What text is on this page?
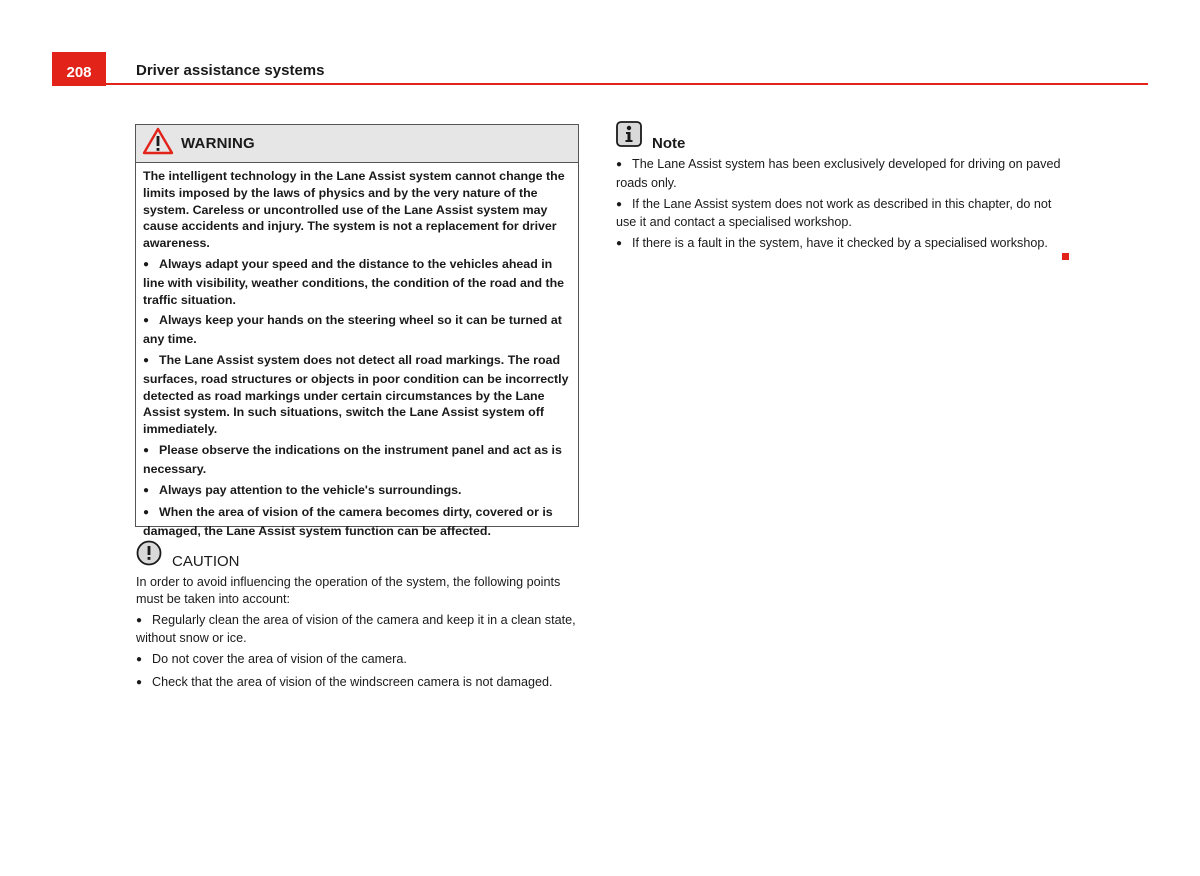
208	Driver assistance systems
WARNING

The intelligent technology in the Lane Assist system cannot change the limits imposed by the laws of physics and by the very nature of the system. Careless or uncontrolled use of the Lane Assist system may cause accidents and injury. The system is not a replacement for driver awareness.

● Always adapt your speed and the distance to the vehicles ahead in line with visibility, weather conditions, the condition of the road and the traffic situation.

● Always keep your hands on the steering wheel so it can be turned at any time.

● The Lane Assist system does not detect all road markings. The road surfaces, road structures or objects in poor condition can be incorrectly detected as road markings under certain circumstances by the Lane Assist system. In such situations, switch the Lane Assist system off immediately.

● Please observe the indications on the instrument panel and act as is necessary.

● Always pay attention to the vehicle's surroundings.

● When the area of vision of the camera becomes dirty, covered or is damaged, the Lane Assist system function can be affected.

CAUTION

In order to avoid influencing the operation of the system, the following points must be taken into account:

● Regularly clean the area of vision of the camera and keep it in a clean state, without snow or ice.

● Do not cover the area of vision of the camera.

● Check that the area of vision of the windscreen camera is not damaged.

Note

● The Lane Assist system has been exclusively developed for driving on paved roads only.

● If the Lane Assist system does not work as described in this chapter, do not use it and contact a specialised workshop.

● If there is a fault in the system, have it checked by a specialised workshop.
